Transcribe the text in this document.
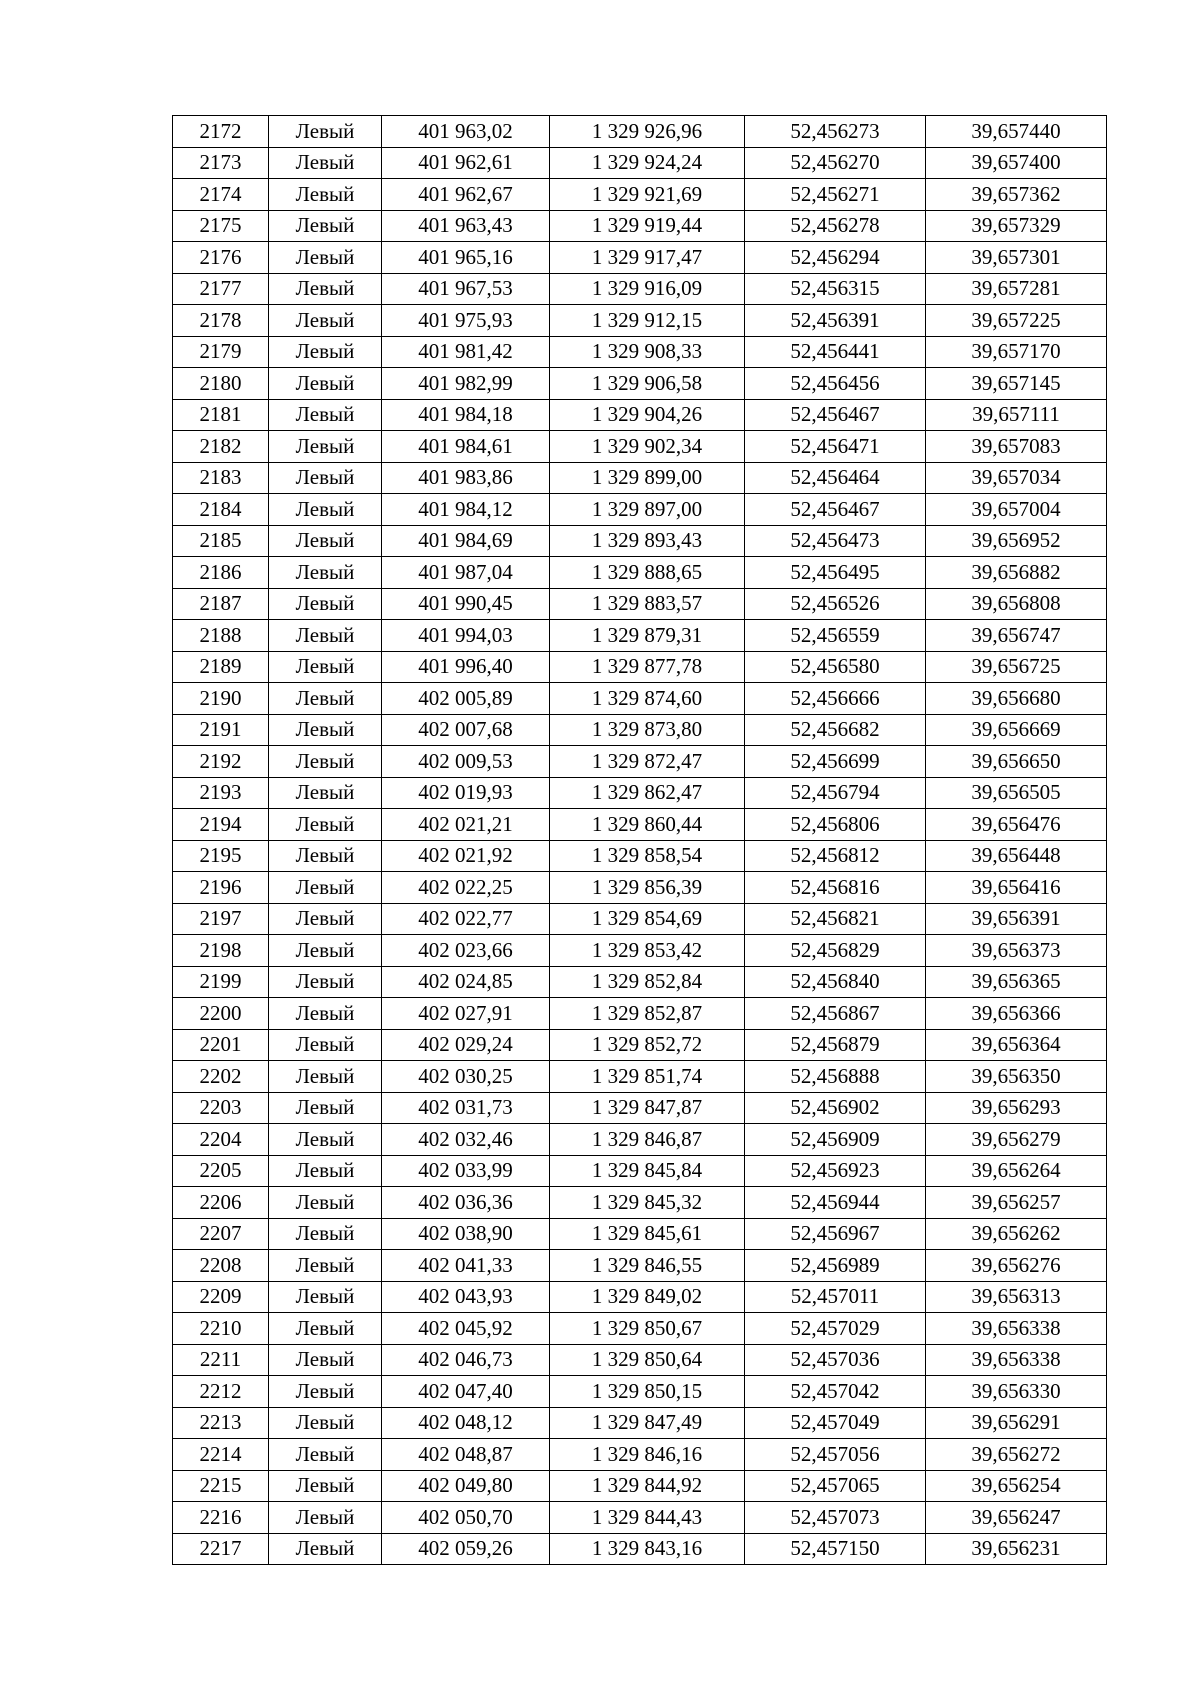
2172	Левый	401 963,02	1 329 926,96	52,456273	39,657440
2173	Левый	401 962,61	1 329 924,24	52,456270	39,657400
2174	Левый	401 962,67	1 329 921,69	52,456271	39,657362
2175	Левый	401 963,43	1 329 919,44	52,456278	39,657329
2176	Левый	401 965,16	1 329 917,47	52,456294	39,657301
2177	Левый	401 967,53	1 329 916,09	52,456315	39,657281
2178	Левый	401 975,93	1 329 912,15	52,456391	39,657225
2179	Левый	401 981,42	1 329 908,33	52,456441	39,657170
2180	Левый	401 982,99	1 329 906,58	52,456456	39,657145
2181	Левый	401 984,18	1 329 904,26	52,456467	39,657111
2182	Левый	401 984,61	1 329 902,34	52,456471	39,657083
2183	Левый	401 983,86	1 329 899,00	52,456464	39,657034
2184	Левый	401 984,12	1 329 897,00	52,456467	39,657004
2185	Левый	401 984,69	1 329 893,43	52,456473	39,656952
2186	Левый	401 987,04	1 329 888,65	52,456495	39,656882
2187	Левый	401 990,45	1 329 883,57	52,456526	39,656808
2188	Левый	401 994,03	1 329 879,31	52,456559	39,656747
2189	Левый	401 996,40	1 329 877,78	52,456580	39,656725
2190	Левый	402 005,89	1 329 874,60	52,456666	39,656680
2191	Левый	402 007,68	1 329 873,80	52,456682	39,656669
2192	Левый	402 009,53	1 329 872,47	52,456699	39,656650
2193	Левый	402 019,93	1 329 862,47	52,456794	39,656505
2194	Левый	402 021,21	1 329 860,44	52,456806	39,656476
2195	Левый	402 021,92	1 329 858,54	52,456812	39,656448
2196	Левый	402 022,25	1 329 856,39	52,456816	39,656416
2197	Левый	402 022,77	1 329 854,69	52,456821	39,656391
2198	Левый	402 023,66	1 329 853,42	52,456829	39,656373
2199	Левый	402 024,85	1 329 852,84	52,456840	39,656365
2200	Левый	402 027,91	1 329 852,87	52,456867	39,656366
2201	Левый	402 029,24	1 329 852,72	52,456879	39,656364
2202	Левый	402 030,25	1 329 851,74	52,456888	39,656350
2203	Левый	402 031,73	1 329 847,87	52,456902	39,656293
2204	Левый	402 032,46	1 329 846,87	52,456909	39,656279
2205	Левый	402 033,99	1 329 845,84	52,456923	39,656264
2206	Левый	402 036,36	1 329 845,32	52,456944	39,656257
2207	Левый	402 038,90	1 329 845,61	52,456967	39,656262
2208	Левый	402 041,33	1 329 846,55	52,456989	39,656276
2209	Левый	402 043,93	1 329 849,02	52,457011	39,656313
2210	Левый	402 045,92	1 329 850,67	52,457029	39,656338
2211	Левый	402 046,73	1 329 850,64	52,457036	39,656338
2212	Левый	402 047,40	1 329 850,15	52,457042	39,656330
2213	Левый	402 048,12	1 329 847,49	52,457049	39,656291
2214	Левый	402 048,87	1 329 846,16	52,457056	39,656272
2215	Левый	402 049,80	1 329 844,92	52,457065	39,656254
2216	Левый	402 050,70	1 329 844,43	52,457073	39,656247
2217	Левый	402 059,26	1 329 843,16	52,457150	39,656231
